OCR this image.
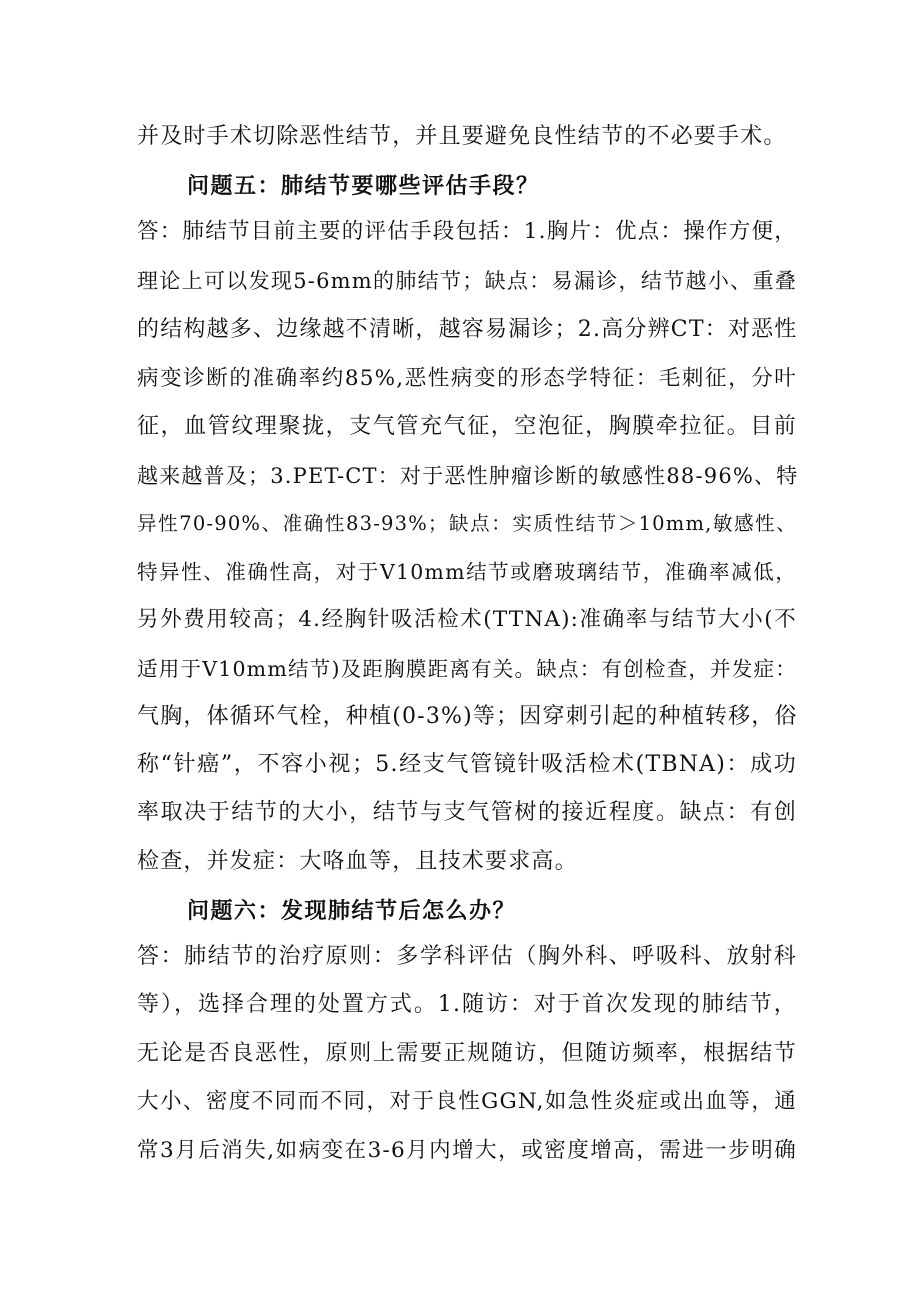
并及时手术切除恶性结节，并且要避免良性结节的不必要手术。
问题五：肺结节要哪些评估手段？
答：肺结节目前主要的评估手段包括：1.胸片：优点：操作方便，
理论上可以发现5-6mm的肺结节；缺点：易漏诊，结节越小、重叠
的结构越多、边缘越不清晰，越容易漏诊；2.高分辨CT：对恶性
病变诊断的准确率约85%,恶性病变的形态学特征：毛刺征，分叶
征，血管纹理聚拢，支气管充气征，空泡征，胸膜牵拉征。目前
越来越普及；3.PET-CT：对于恶性肿瘤诊断的敏感性88-96%、特
异性70-90%、准确性83-93%；缺点：实质性结节＞10mm,敏感性、
特异性、准确性高，对于V10mm结节或磨玻璃结节，准确率减低，
另外费用较高；4.经胸针吸活检术(TTNA):准确率与结节大小(不
适用于V10mm结节)及距胸膜距离有关。缺点：有创检查，并发症：
气胸，体循环气栓，种植(0-3%)等；因穿刺引起的种植转移，俗
称“针癌”，不容小视；5.经支气管镜针吸活检术(TBNA)：成功
率取决于结节的大小，结节与支气管树的接近程度。缺点：有创
检查，并发症：大咯血等，且技术要求高。
问题六：发现肺结节后怎么办？
答：肺结节的治疗原则：多学科评估（胸外科、呼吸科、放射科
等），选择合理的处置方式。1.随访：对于首次发现的肺结节，
无论是否良恶性，原则上需要正规随访，但随访频率，根据结节
大小、密度不同而不同，对于良性GGN,如急性炎症或出血等，通
常3月后消失,如病变在3-6月内增大，或密度增高，需进一步明确
